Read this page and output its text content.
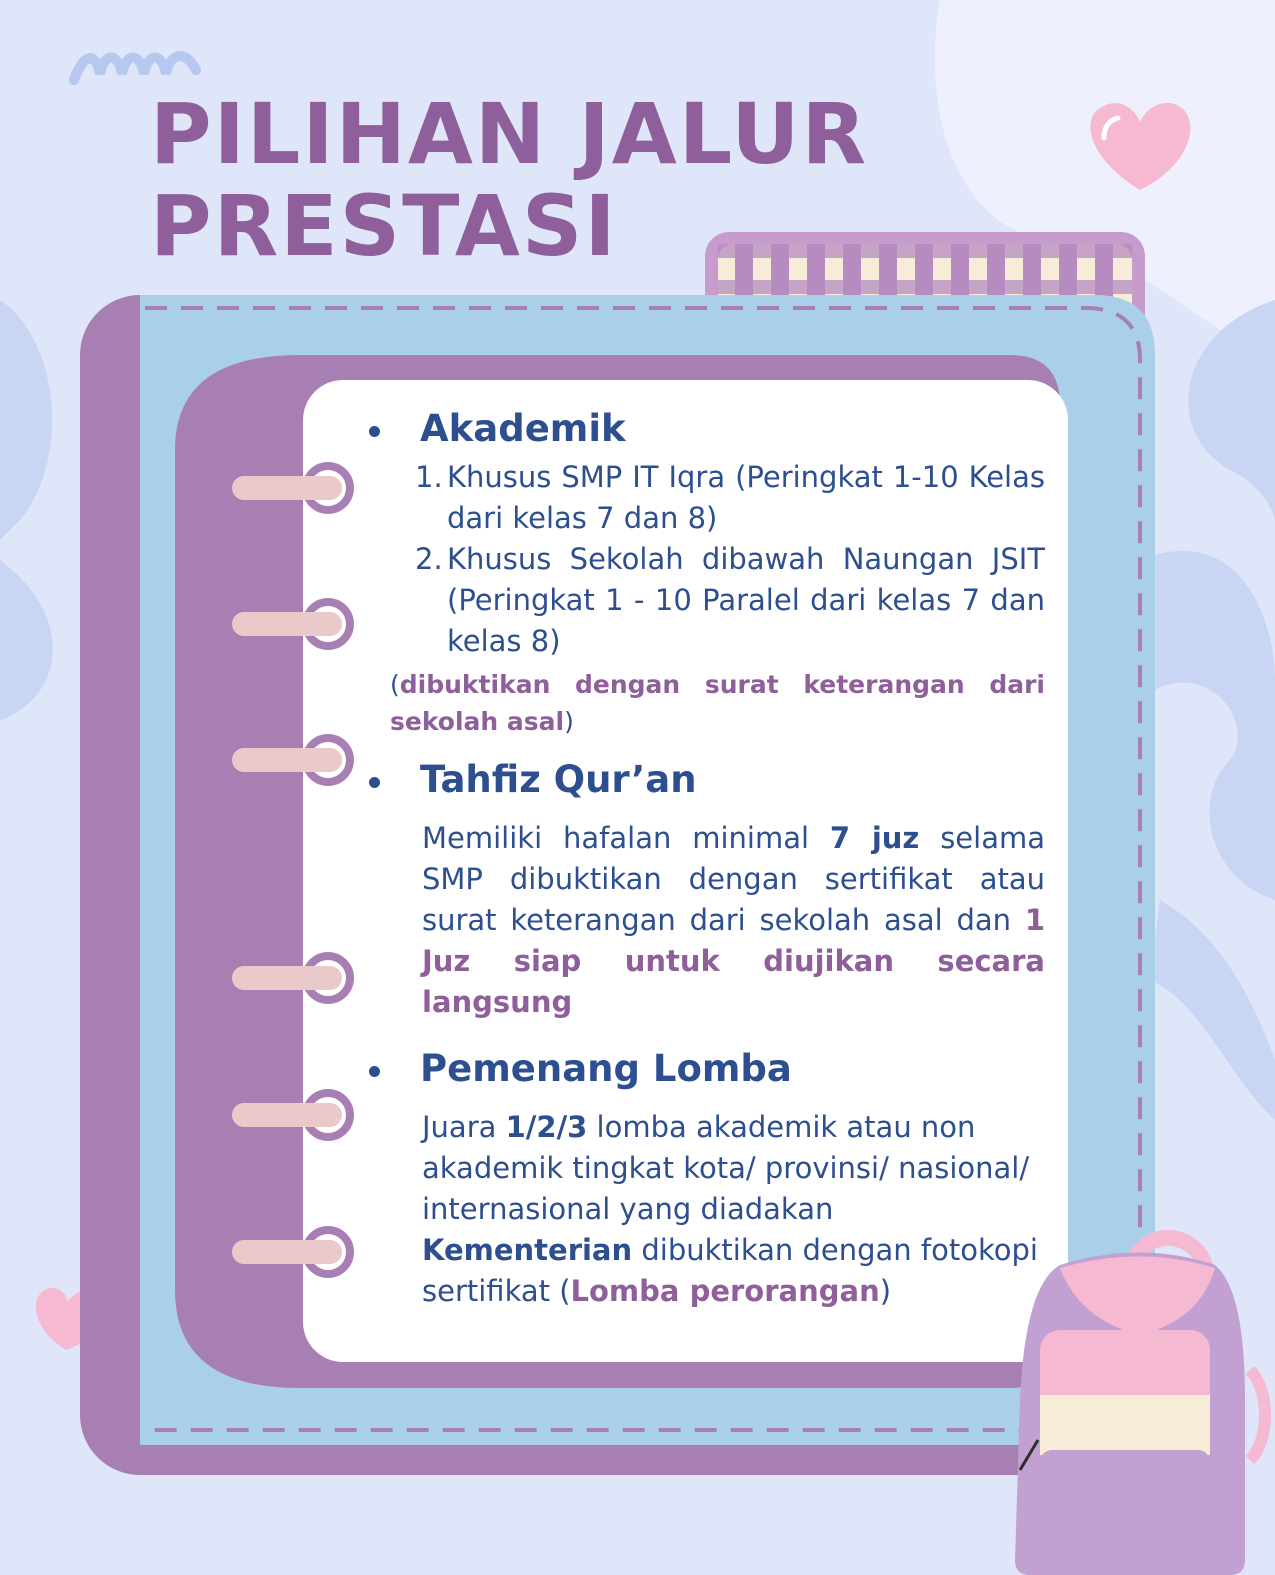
PILIHAN JALUR
PRESTASI
Akademik
1. Khusus SMP IT Iqra (Peringkat 1-10 Kelas dari kelas 7 dan 8)
2. Khusus Sekolah dibawah Naungan JSIT (Peringkat 1 - 10 Paralel dari kelas 7 dan kelas 8)

(dibuktikan dengan surat keterangan dari sekolah asal)

Tahfiz Qur’an

Memiliki hafalan minimal 7 juz selama SMP dibuktikan dengan sertifikat atau surat keterangan dari sekolah asal dan 1 Juz siap untuk diujikan secara langsung

Pemenang Lomba

Juara 1/2/3 lomba akademik atau non akademik tingkat kota/ provinsi/ nasional/ internasional yang diadakan Kementerian dibuktikan dengan fotokopi sertifikat (Lomba perorangan)
